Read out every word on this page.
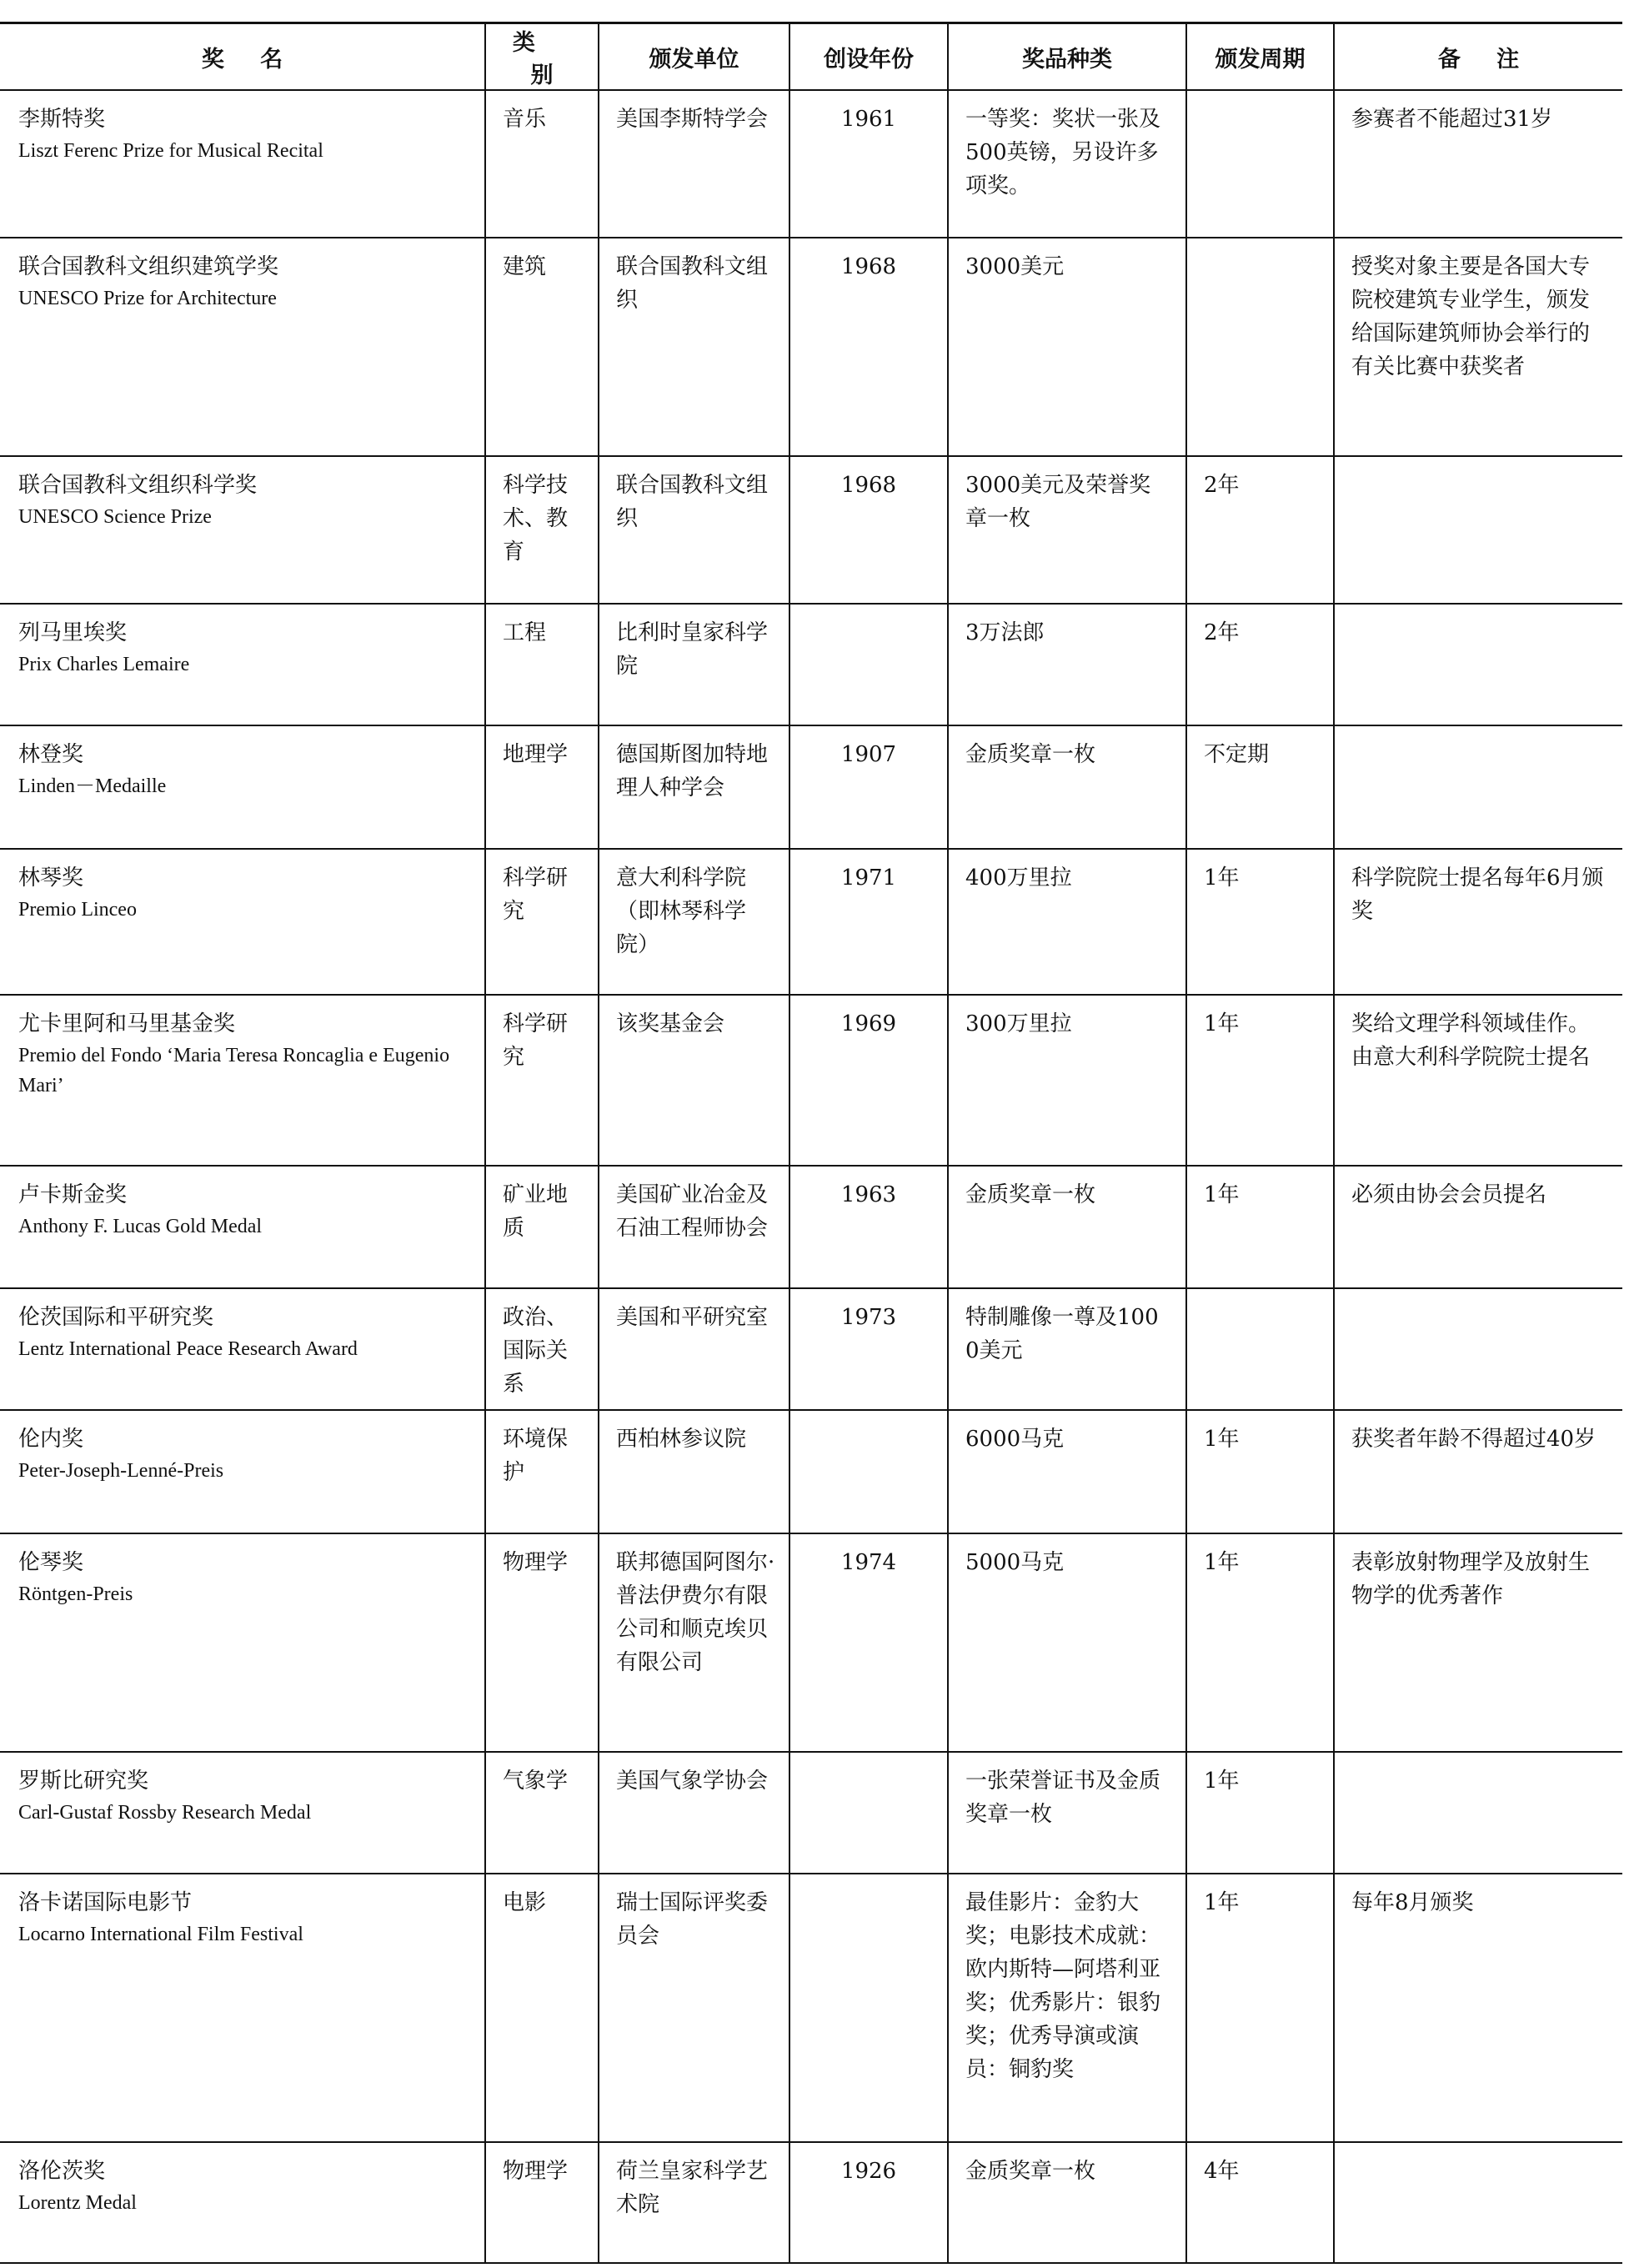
奖名	类别	颁发单位	创设年份	奖品种类	颁发周期	备注

李斯特奖
Liszt Ferenc Prize for Musical Recital	音乐	美国李斯特学会	1961	一等奖：奖状一张及500英镑，另设许多项奖。		参赛者不能超过31岁

联合国教科文组织建筑学奖
UNESCO Prize for Architecture	建筑	联合国教科文组织	1968	3000美元		授奖对象主要是各国大专院校建筑专业学生，颁发给国际建筑师协会举行的有关比赛中获奖者

联合国教科文组织科学奖
UNESCO Science Prize	科学技术、教育	联合国教科文组织	1968	3000美元及荣誉奖章一枚	2年	

列马里埃奖
Prix Charles Lemaire	工程	比利时皇家科学院		3万法郎	2年	

林登奖
Linden－Medaille	地理学	德国斯图加特地理人种学会	1907	金质奖章一枚	不定期	

林琴奖
Premio Linceo	科学研究	意大利科学院（即林琴科学院）	1971	400万里拉	1年	科学院院士提名每年6月颁奖

尤卡里阿和马里基金奖
Premio del Fondo ‘Maria Teresa Roncaglia e Eugenio Mari’	科学研究	该奖基金会	1969	300万里拉	1年	奖给文理学科领域佳作。由意大利科学院院士提名

卢卡斯金奖
Anthony F. Lucas Gold Medal	矿业地质	美国矿业冶金及石油工程师协会	1963	金质奖章一枚	1年	必须由协会会员提名

伦茨国际和平研究奖
Lentz International Peace Research Award	政治、国际关系	美国和平研究室	1973	特制雕像一尊及1000美元		

伦内奖
Peter-Joseph-Lenné-Preis	环境保护	西柏林参议院		6000马克	1年	获奖者年龄不得超过40岁

伦琴奖
Röntgen-Preis	物理学	联邦德国阿图尔·普法伊费尔有限公司和顺克埃贝有限公司	1974	5000马克	1年	表彰放射物理学及放射生物学的优秀著作

罗斯比研究奖
Carl-Gustaf Rossby Research Medal	气象学	美国气象学协会		一张荣誉证书及金质奖章一枚	1年	

洛卡诺国际电影节
Locarno International Film Festival	电影	瑞士国际评奖委员会		最佳影片：金豹大奖；电影技术成就：欧内斯特—阿塔利亚奖；优秀影片：银豹奖；优秀导演或演员：铜豹奖	1年	每年8月颁奖

洛伦茨奖
Lorentz Medal	物理学	荷兰皇家科学艺术院	1926	金质奖章一枚	4年	
